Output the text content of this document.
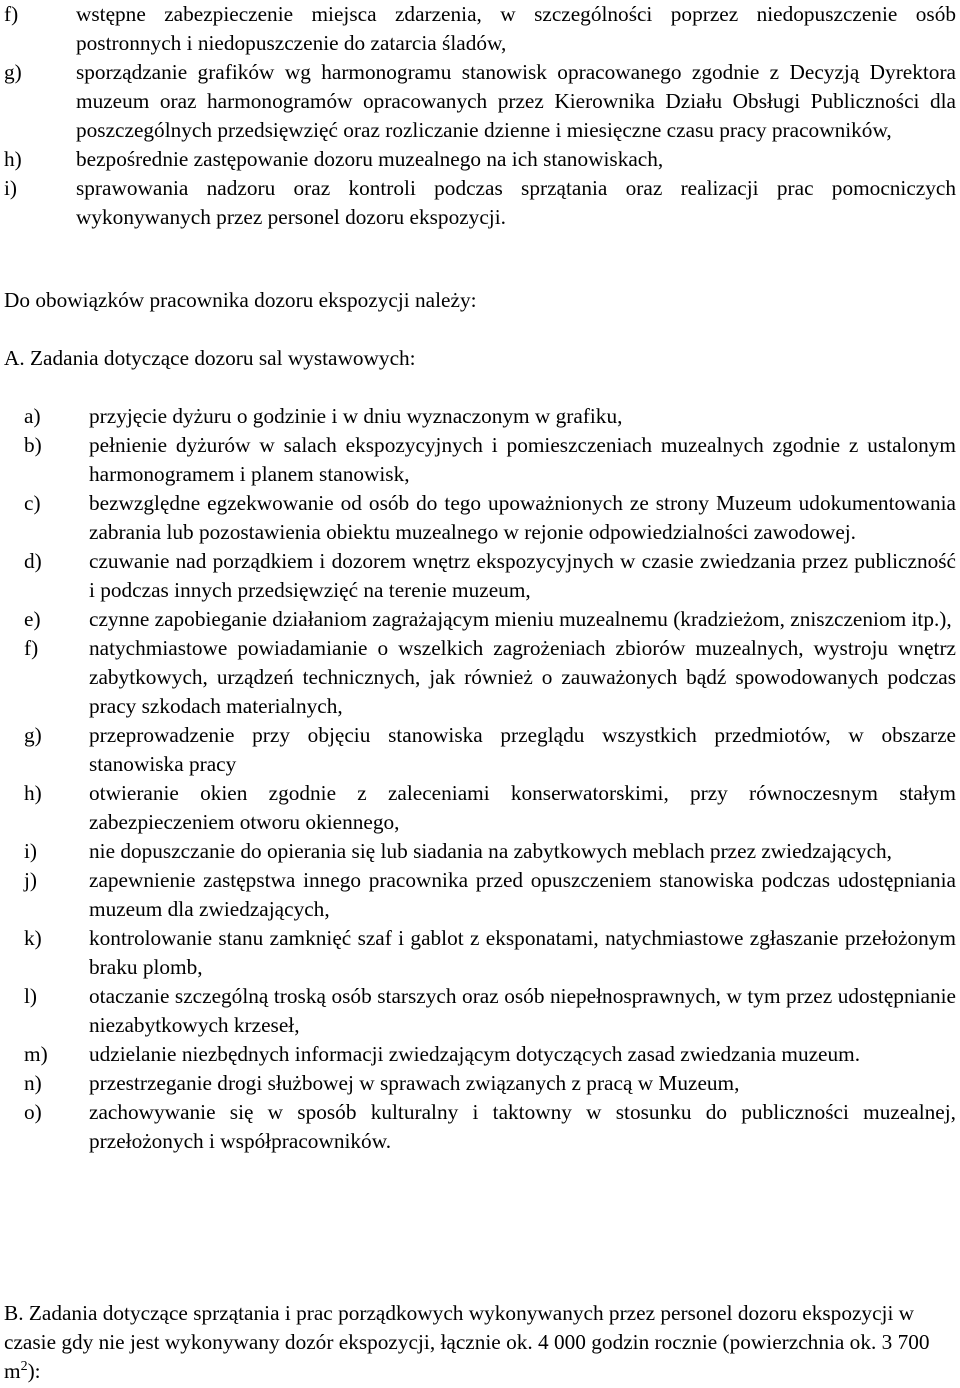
f)	wstępne zabezpieczenie miejsca zdarzenia, w szczególności poprzez niedopuszczenie osób postronnych i niedopuszczenie do zatarcia śladów,
g)	sporządzanie grafików wg harmonogramu stanowisk opracowanego zgodnie z Decyzją Dyrektora muzeum oraz harmonogramów opracowanych przez Kierownika Działu Obsługi Publiczności dla poszczególnych przedsięwzięć oraz rozliczanie dzienne i miesięczne czasu pracy pracowników,
h)	bezpośrednie zastępowanie dozoru muzealnego na ich stanowiskach,
i)	sprawowania nadzoru oraz kontroli podczas sprzątania oraz realizacji prac pomocniczych wykonywanych przez personel dozoru ekspozycji.
Do obowiązków pracownika dozoru ekspozycji należy:
A. Zadania dotyczące dozoru sal wystawowych:
a) przyjęcie dyżuru o godzinie i w dniu wyznaczonym w grafiku,
b) pełnienie dyżurów w salach ekspozycyjnych i pomieszczeniach muzealnych zgodnie z ustalonym harmonogramem i planem stanowisk,
c) bezwzględne egzekwowanie od osób do tego upoważnionych ze strony Muzeum udokumentowania zabrania lub pozostawienia obiektu muzealnego w rejonie odpowiedzialności zawodowej.
d) czuwanie nad porządkiem i dozorem wnętrz ekspozycyjnych w czasie zwiedzania przez publiczność i podczas innych przedsięwzięć na terenie muzeum,
e) czynne zapobieganie działaniom zagrażającym mieniu muzealnemu (kradzieżom, zniszczeniom itp.),
f) natychmiastowe powiadamianie o wszelkich zagrożeniach zbiorów muzealnych, wystroju wnętrz zabytkowych, urządzeń technicznych, jak również o zauważonych bądź spowodowanych podczas pracy szkodach materialnych,
g) przeprowadzenie przy objęciu stanowiska przeglądu wszystkich przedmiotów, w obszarze stanowiska pracy
h) otwieranie okien zgodnie z zaleceniami konserwatorskimi, przy równoczesnym stałym zabezpieczeniem otworu okiennego,
i) nie dopuszczanie do opierania się lub siadania na zabytkowych meblach przez zwiedzających,
j) zapewnienie zastępstwa innego pracownika przed opuszczeniem stanowiska podczas udostępniania muzeum dla zwiedzających,
k) kontrolowanie stanu zamknięć szaf i gablot z eksponatami, natychmiastowe zgłaszanie przełożonym braku plomb,
l) otaczanie szczególną troską osób starszych oraz osób niepełnosprawnych, w tym przez udostępnianie niezabytkowych krzeseł,
m) udzielanie niezbędnych informacji zwiedzającym dotyczących zasad zwiedzania muzeum.
n) przestrzeganie drogi służbowej w sprawach związanych z pracą w Muzeum,
o) zachowywanie się w sposób kulturalny i taktowny w stosunku do publiczności muzealnej, przełożonych i współpracowników.
B. Zadania dotyczące sprzątania i prac porządkowych wykonywanych przez personel dozoru ekspozycji w czasie gdy nie jest wykonywany dozór ekspozycji, łącznie ok. 4 000 godzin rocznie (powierzchnia ok. 3 700 $m^2$):
